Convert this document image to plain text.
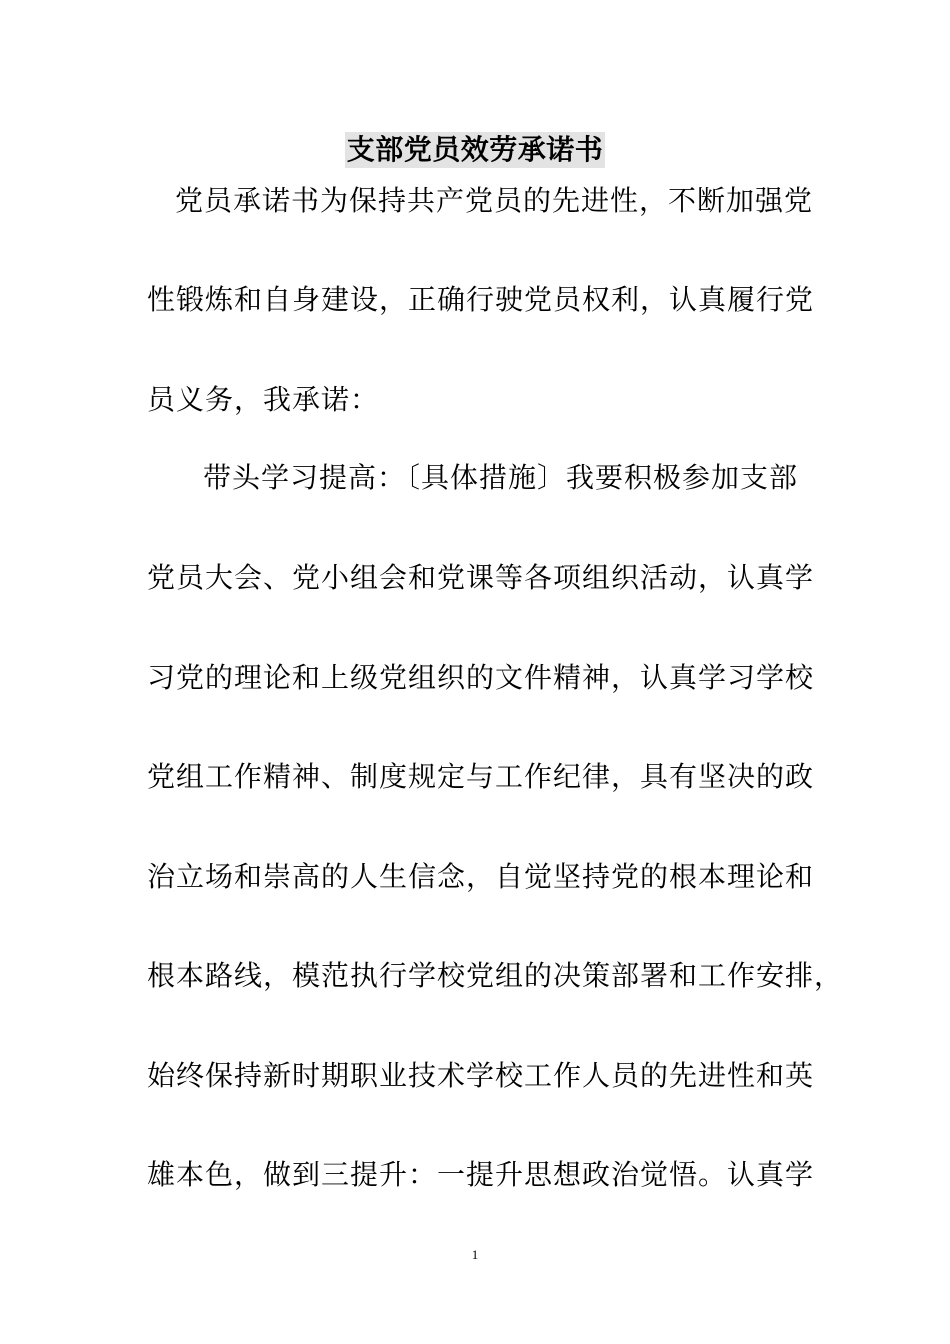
支部党员效劳承诺书
党员承诺书为保持共产党员的先进性，不断加强党
性锻炼和自身建设，正确行驶党员权利，认真履行党
员义务，我承诺：
带头学习提高：〔具体措施〕我要积极参加支部
党员大会、党小组会和党课等各项组织活动，认真学
习党的理论和上级党组织的文件精神，认真学习学校
党组工作精神、制度规定与工作纪律，具有坚决的政
治立场和崇高的人生信念，自觉坚持党的根本理论和
根本路线，模范执行学校党组的决策部署和工作安排，
始终保持新时期职业技术学校工作人员的先进性和英
雄本色，做到三提升：一提升思想政治觉悟。认真学
1
